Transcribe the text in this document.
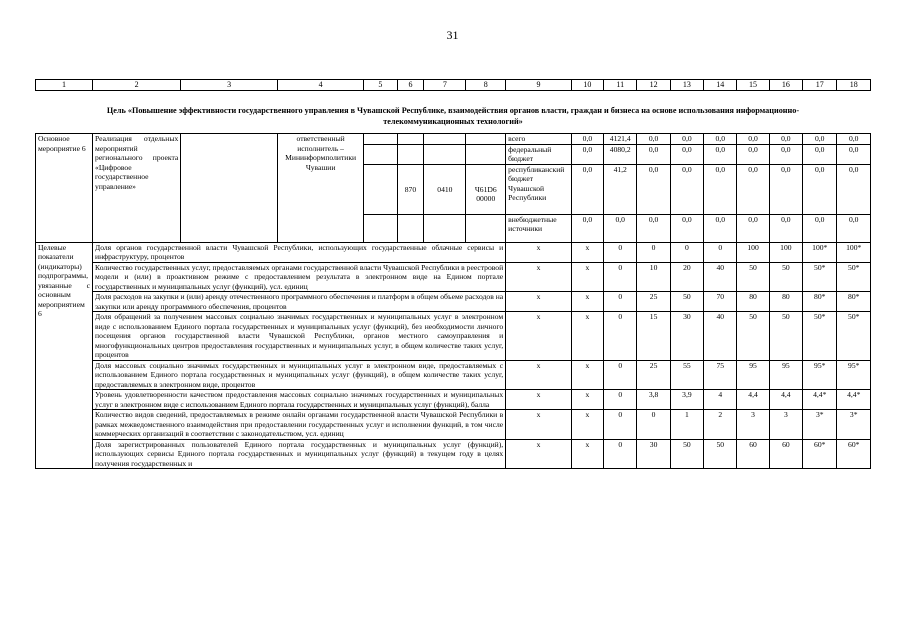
31
1	2	3	4	5	6	7	8	9	10	11	12	13	14	15	16	17	18
Цель «Повышение эффективности государственного управления в Чувашской Республике, взаимодействия органов власти, граждан и бизнеса на основе использования информационно-телекоммуникационных технологий»																	
Основное мероприятие 6	Реализация отдельных мероприятий регионального проекта «Цифровое государственное управление»		ответственный исполнитель – Мининформполитики Чувашии					всего	0,0	4121,4	0,0	0,0	0,0	0,0	0,0	0,0	0,0
								федеральный бюджет	0,0	4080,2	0,0	0,0	0,0	0,0	0,0	0,0	0,0
					870	0410	Ч61D6 00000	республиканский бюджет Чувашской Республики	0,0	41,2	0,0	0,0	0,0	0,0	0,0	0,0	0,0
								внебюджетные источники	0,0	0,0	0,0	0,0	0,0	0,0	0,0	0,0	0,0
Целевые показатели (индикаторы) подпрограммы, увязанные с основным мероприятием 6	Доля органов государственной власти Чувашской Республики, использующих государственные облачные сервисы и инфраструктуру, процентов							x	x	0	0	0	0	100	100	100*	100*
	Количество государственных услуг, предоставляемых органами государственной власти Чувашской Республики в реестровой модели и (или) в проактивном режиме с предоставлением результата в электронном виде на Едином портале государственных и муниципальных услуг (функций), усл. единиц							x	x	0	10	20	40	50	50	50*	50*
	Доля расходов на закупки и (или) аренду отечественного программного обеспечения и платформ в общем объеме расходов на закупки или аренду программного обеспечения, процентов							x	x	0	25	50	70	80	80	80*	80*
	Доля обращений за получением массовых социально значимых государственных и муниципальных услуг в электронном виде с использованием Единого портала государственных и муниципальных услуг (функций), без необходимости личного посещения органов государственной власти Чувашской Республики, органов местного самоуправления и многофункциональных центров предоставления государственных и муниципальных услуг, в общем количестве таких услуг, процентов							x	x	0	15	30	40	50	50	50*	50*
	Доля массовых социально значимых государственных и муниципальных услуг в электронном виде, предоставляемых с использованием Единого портала государственных и муниципальных услуг (функций), в общем количестве таких услуг, предоставляемых в электронном виде, процентов							x	x	0	25	55	75	95	95	95*	95*
	Уровень удовлетворенности качеством предоставления массовых социально значимых государственных и муниципальных услуг в электронном виде с использованием Единого портала государственных и муниципальных услуг (функций), балла							x	x	0	3,8	3,9	4	4,4	4,4	4,4*	4,4*
	Количество видов сведений, предоставляемых в режиме онлайн органами государственной власти Чувашской Республики в рамках межведомственного взаимодействия при предоставлении государственных услуг и исполнении функций, в том числе коммерческих организаций в соответствии с законодательством, усл. единиц							x	x	0	0	1	2	3	3	3*	3*
	Доля зарегистрированных пользователей Единого портала государственных и муниципальных услуг (функций), использующих сервисы Единого портала государственных и муниципальных услуг (функций) в текущем году в целях получения государственных и							x	x	0	30	50	50	60	60	60*	60*
